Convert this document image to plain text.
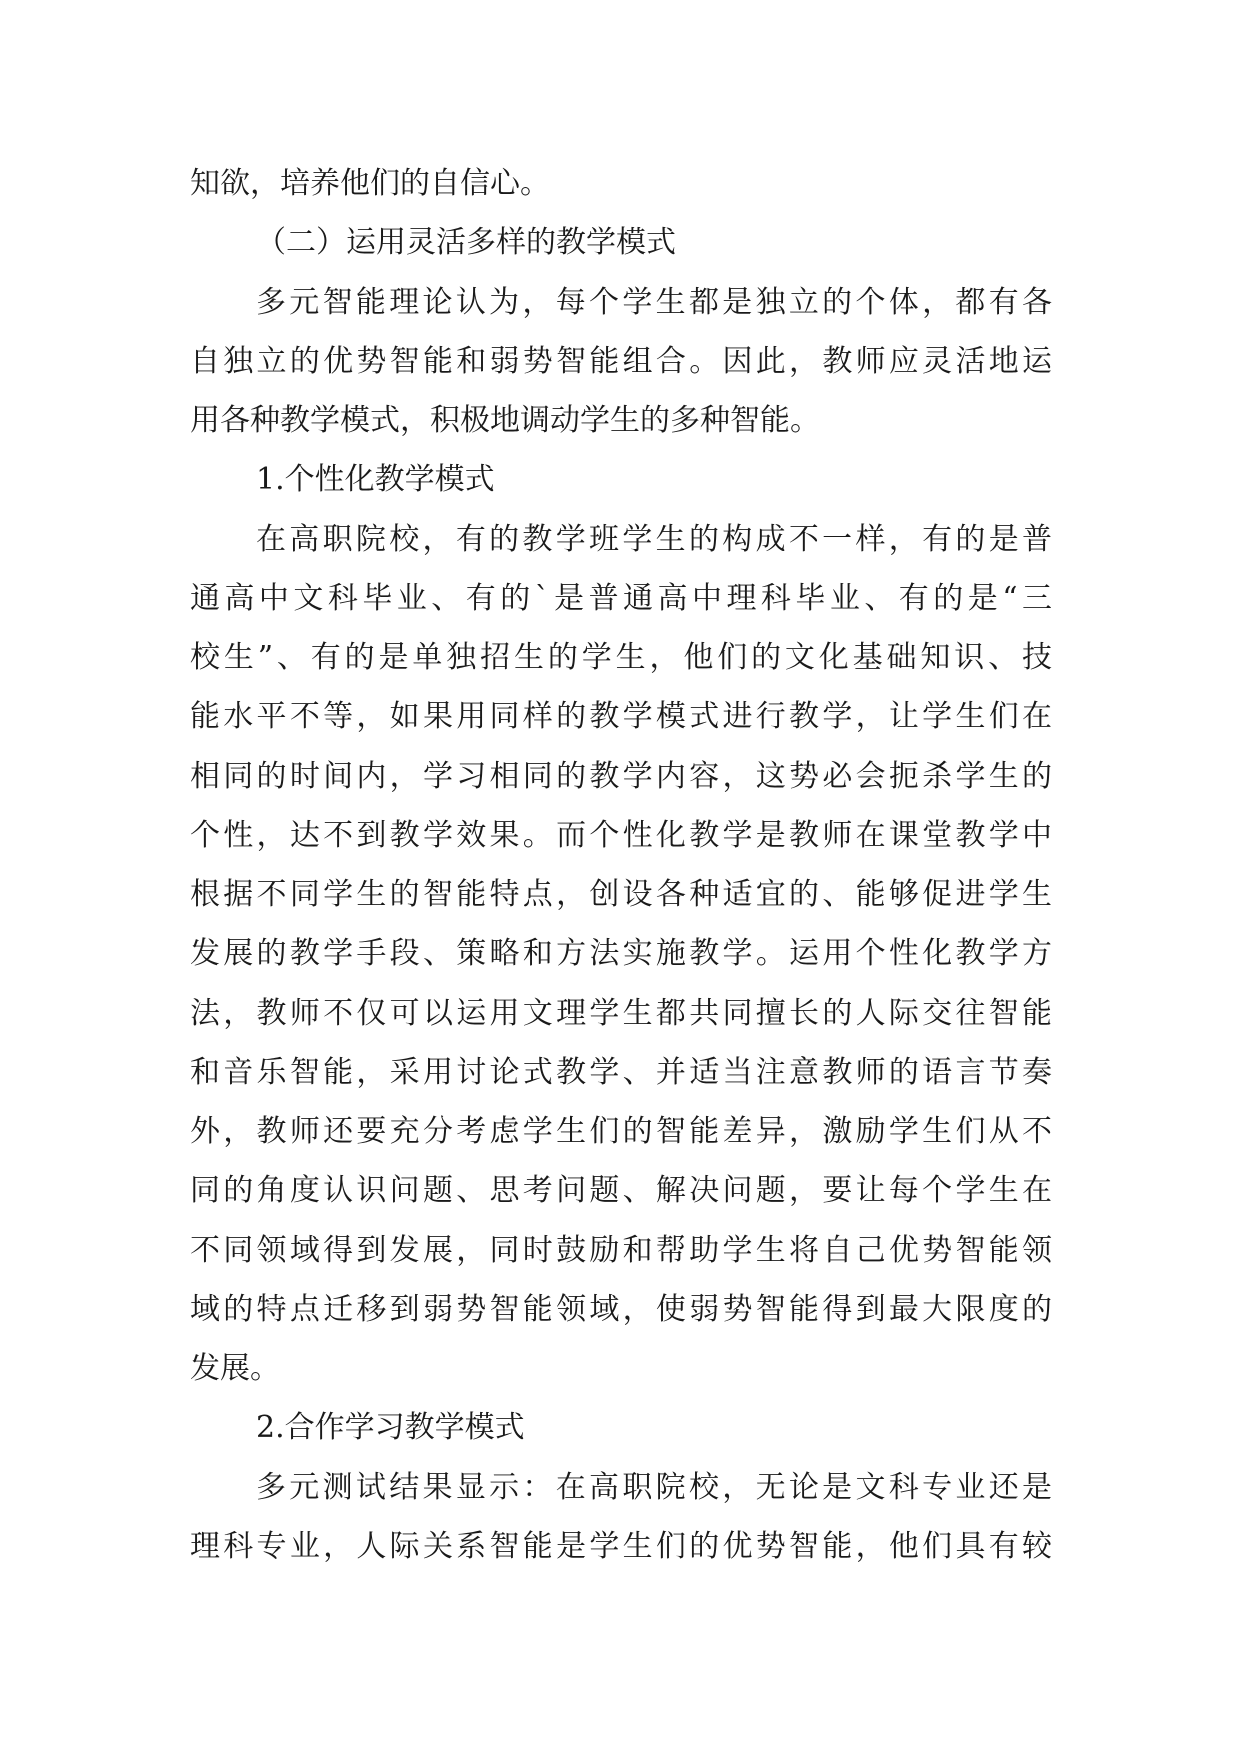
知欲，培养他们的自信心。
（二）运用灵活多样的教学模式
多元智能理论认为，每个学生都是独立的个体，都有各
自独立的优势智能和弱势智能组合。因此，教师应灵活地运
用各种教学模式，积极地调动学生的多种智能。
1.个性化教学模式
在高职院校，有的教学班学生的构成不一样，有的是普
通高中文科毕业、有的`是普通高中理科毕业、有的是“三
校生”、有的是单独招生的学生，他们的文化基础知识、技
能水平不等，如果用同样的教学模式进行教学，让学生们在
相同的时间内，学习相同的教学内容，这势必会扼杀学生的
个性，达不到教学效果。而个性化教学是教师在课堂教学中
根据不同学生的智能特点，创设各种适宜的、能够促进学生
发展的教学手段、策略和方法实施教学。运用个性化教学方
法，教师不仅可以运用文理学生都共同擅长的人际交往智能
和音乐智能，采用讨论式教学、并适当注意教师的语言节奏
外，教师还要充分考虑学生们的智能差异，激励学生们从不
同的角度认识问题、思考问题、解决问题，要让每个学生在
不同领域得到发展，同时鼓励和帮助学生将自己优势智能领
域的特点迁移到弱势智能领域，使弱势智能得到最大限度的
发展。
2.合作学习教学模式
多元测试结果显示：在高职院校，无论是文科专业还是
理科专业，人际关系智能是学生们的优势智能，他们具有较
